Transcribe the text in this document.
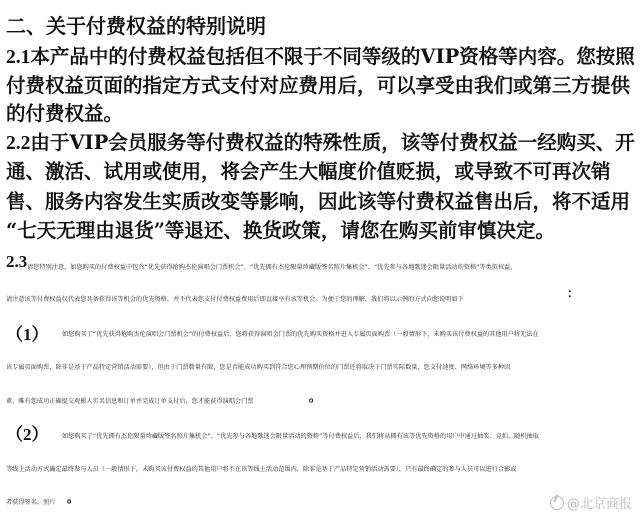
二、关于付费权益的特别说明
2.1本产品中的付费权益包括但不限于不同等级的VIP资格等内容。您按照
付费权益页面的指定方式支付对应费用后，可以享受由我们或第三方提供
的付费权益。
2.2由于VIP会员服务等付费权益的特殊性质，该等付费权益一经购买、开
通、激活、试用或使用，将会产生大幅度价值贬损，或导致不可再次销
售、服务内容发生实质改变等影响，因此该等付费权益售出后，将不适用
“七天无理由退货”等退还、换货政策，请您在购买前审慎决定。
2.3 请您特别注意，如您购买的付费权益中包含“优先获得抢购杰伦演唱会门票机会”、“优先拥有杰伦限量珍藏版签名照片集机会”、“优先参与各地歌迷会限量活动的资格”等类似权益，
请注意该等付费权益仅代表您具备获得该等机会的优先资格，并不代表您支付付费权益费用后即直接享有该等机会。为便于您的理解，我们将以示例的方式向您说明如下	：
（1） 如您购买了“优先获得抢购杰伦演唱会门票机会”的付费权益后，您将获得演唱会门票的优先购买资格并进入专属页面购票（一般情形下，未购买该付费权益的其他用户将无法在
该专属页面购票，除非是基于产品特定营销活动需要），但由于门票数量有限，您是否能成功购买到符合您心理预期价位的门票还将取决于门票实际数量、您支付速度、网络环境等多种因
素，唯有您成功正确提交观影人实名信息和订单并完成订单支付后，您才能获得演唱会门票	。
（2） 如您购买了“优先拥有杰伦限量珍藏版签名照片集机会”、“优先参与各地歌迷会限量活动的资格”等付费权益后，我们将从拥有该等优先资格的用户中通过抽奖、竞拍、随机抽取
等线上活动方式确定最终参与人员（一般情形下，未购买该付费权益的其他用户将不在该等线上活动范围内，除非是基于产品特定营销活动需要），只有最终确定的参与人员可以进行合影或
者获得签名、照片 。	@北京商报
